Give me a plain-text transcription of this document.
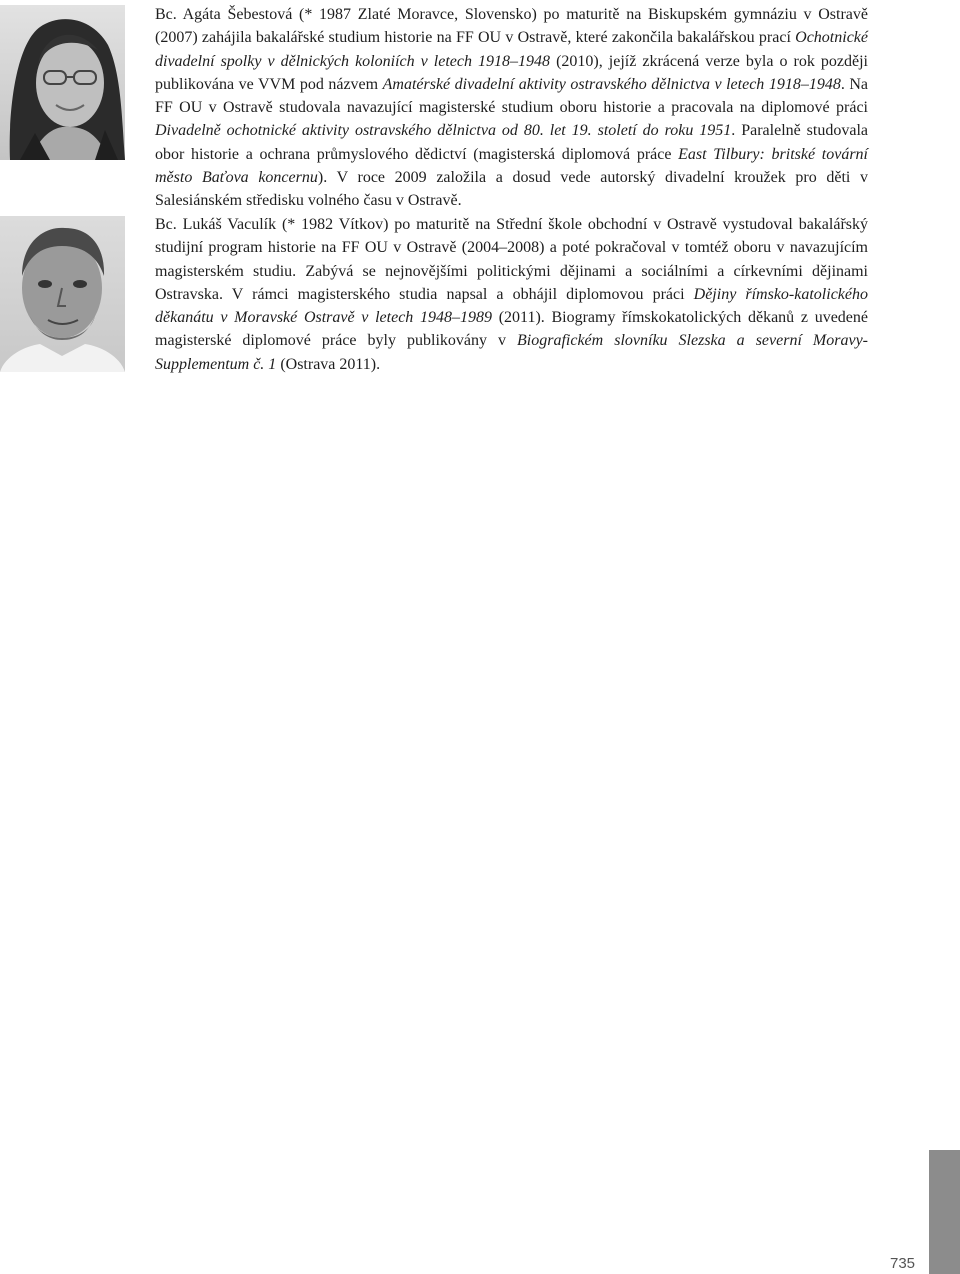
Bc. Agáta Šebestová (* 1987 Zlaté Moravce, Slovensko) po maturitě na Biskupském gymnáziu v Ostravě (2007) zahájila bakalářské studium historie na FF OU v Ostravě, které zakončila bakalářskou prací Ochotnické divadelní spolky v dělnických koloniích v letech 1918–1948 (2010), jejíž zkrácená verze byla o rok později publikována ve VVM pod názvem Amatérské divadelní aktivity ostravského dělnictva v letech 1918–1948. Na FF OU v Ostravě studovala navazující magisterské studium oboru historie a pracovala na diplomové práci Divadelně ochotnické aktivity ostravského dělnictva od 80. let 19. století do roku 1951. Paralelně studovala obor historie a ochrana průmyslového dědictví (magisterská diplomová práce East Tilbury: britské tovární město Baťova koncernu). V roce 2009 založila a dosud vede autorský divadelní kroužek pro děti v Salesiánském středisku volného času v Ostravě.

Bc. Lukáš Vaculík (* 1982 Vítkov) po maturitě na Střední škole obchodní v Ostravě vystudoval bakalářský studijní program historie na FF OU v Ostravě (2004–2008) a poté pokračoval v tomtéž oboru v navazujícím magisterském studiu. Zabývá se nejnovějšími politickými dějinami a sociálními a církevními dějinami Ostravska. V rámci magisterského studia napsal a obhájil diplomovou práci Dějiny římsko-katolického děkanátu v Moravské Ostravě v letech 1948–1989 (2011). Biogramy římskokatolických děkanů z uvedené magisterské diplomové práce byly publikovány v Biografickém slovníku Slezska a severní Moravy-Supplementum č. 1 (Ostrava 2011).

735
